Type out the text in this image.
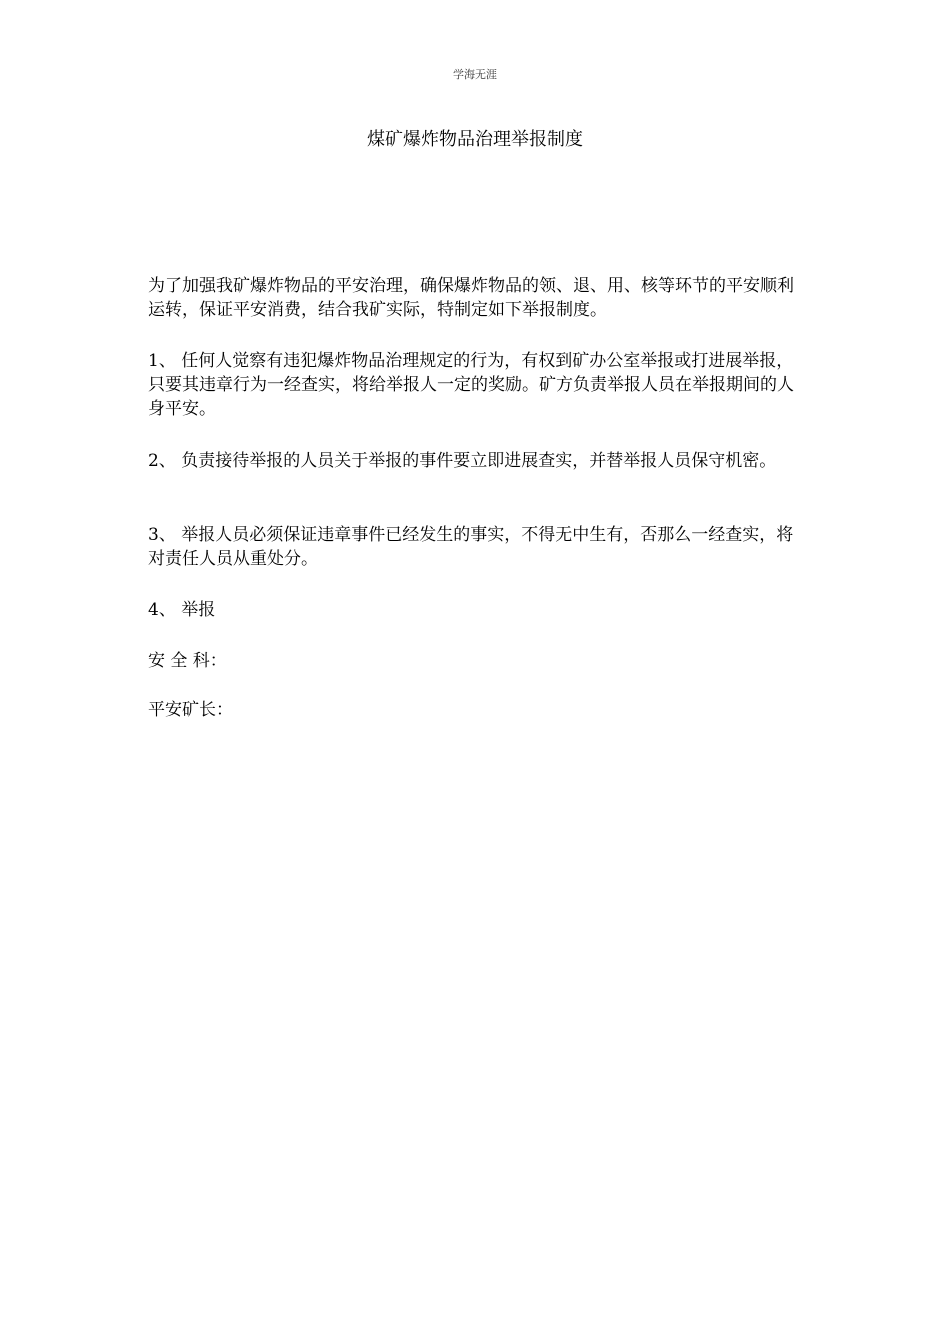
学海无涯
煤矿爆炸物品治理举报制度
为了加强我矿爆炸物品的平安治理，确保爆炸物品的领、退、用、核等环节的平安顺利运转，保证平安消费，结合我矿实际，特制定如下举报制度。
1、 任何人觉察有违犯爆炸物品治理规定的行为，有权到矿办公室举报或打进展举报，只要其违章行为一经查实，将给举报人一定的奖励。矿方负责举报人员在举报期间的人身平安。
2、 负责接待举报的人员关于举报的事件要立即进展查实，并替举报人员保守机密。
3、 举报人员必须保证违章事件已经发生的事实，不得无中生有，否那么一经查实，将对责任人员从重处分。
4、 举报
安 全 科：
平安矿长：
